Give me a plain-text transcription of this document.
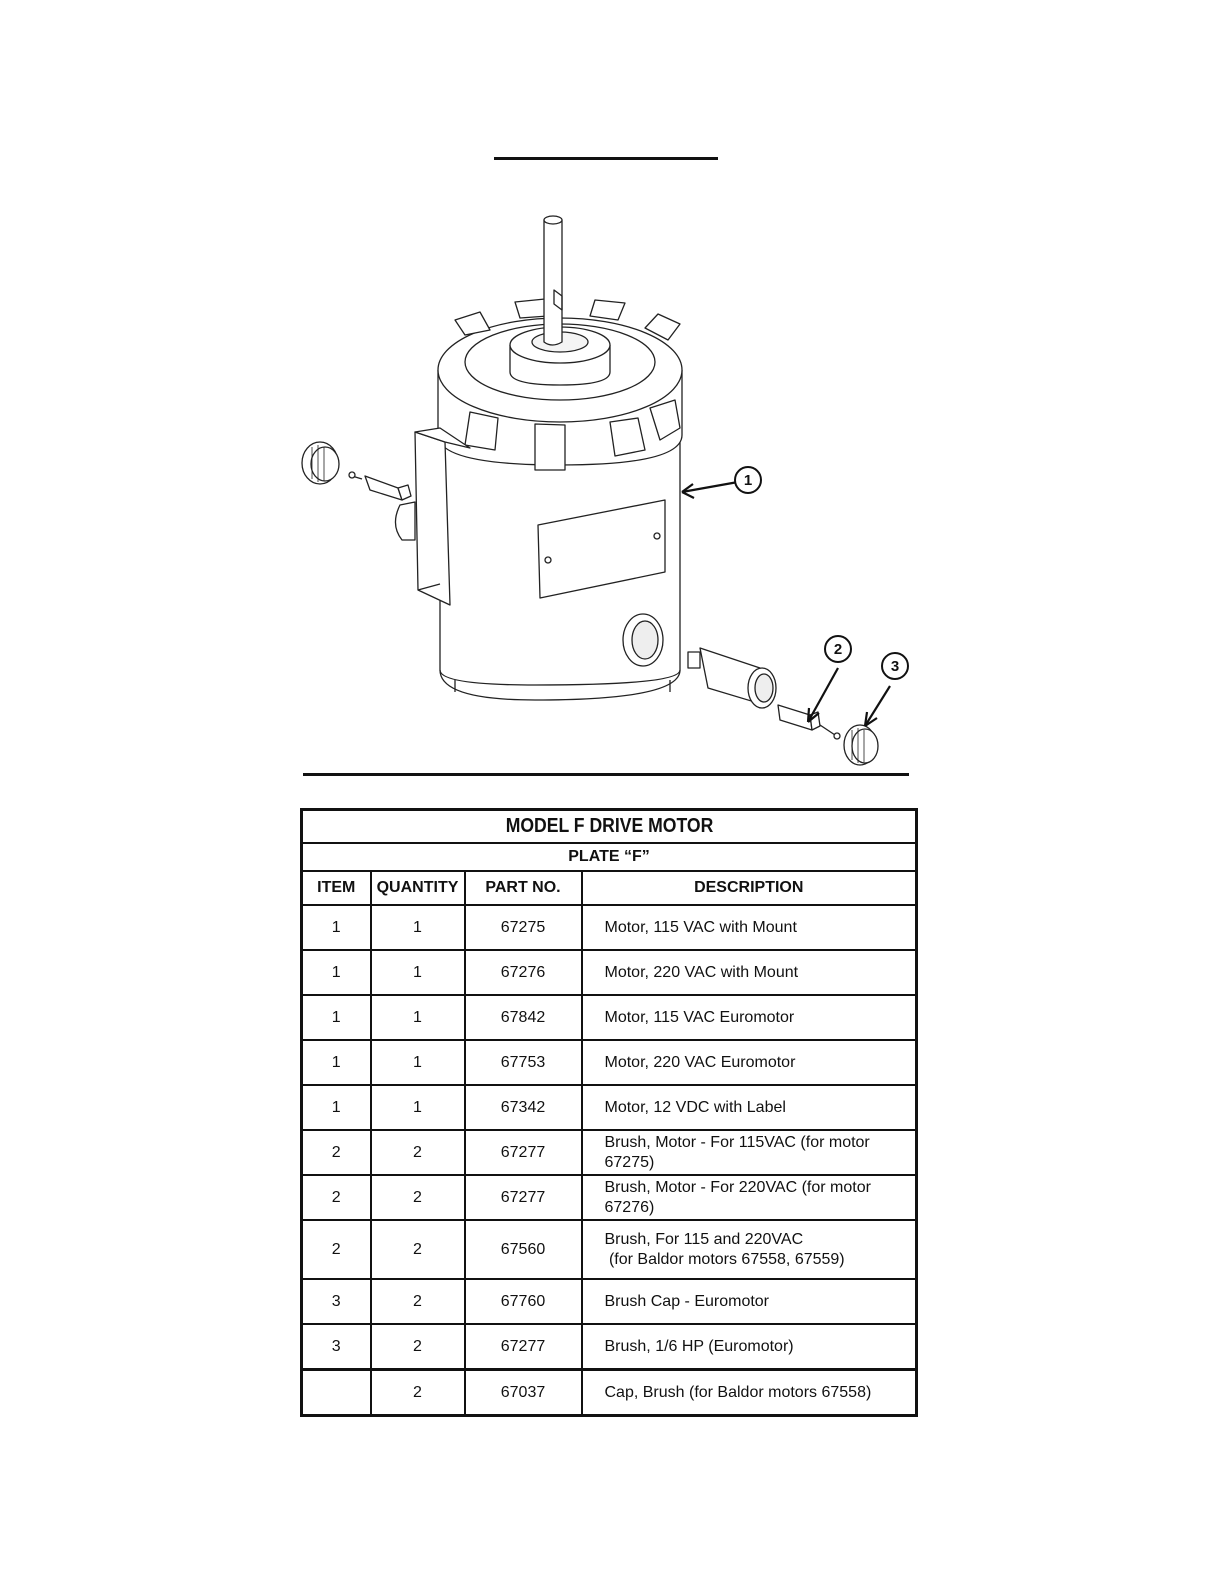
1
2
3
MODEL F DRIVE MOTOR			
PLATE “F”			
ITEM	QUANTITY	PART NO.	DESCRIPTION
1	1	67275	Motor, 115 VAC with Mount

1	1	67276	Motor, 220 VAC with Mount

1	1	67842	Motor, 115 VAC Euromotor

1	1	67753	Motor, 220 VAC Euromotor

1	1	67342	Motor, 12 VDC with Label

2	2	67277	Brush, Motor - For 115VAC (for motor 67275)

2	2	67277	Brush, Motor - For 220VAC (for motor 67276)

2	2	67560	Brush, For 115 and 220VAC
(for Baldor motors 67558, 67559)

3	2	67760	Brush Cap - Euromotor

3	2	67277	Brush, 1/6 HP (Euromotor)

	2	67037	Cap, Brush (for Baldor motors 67558)
